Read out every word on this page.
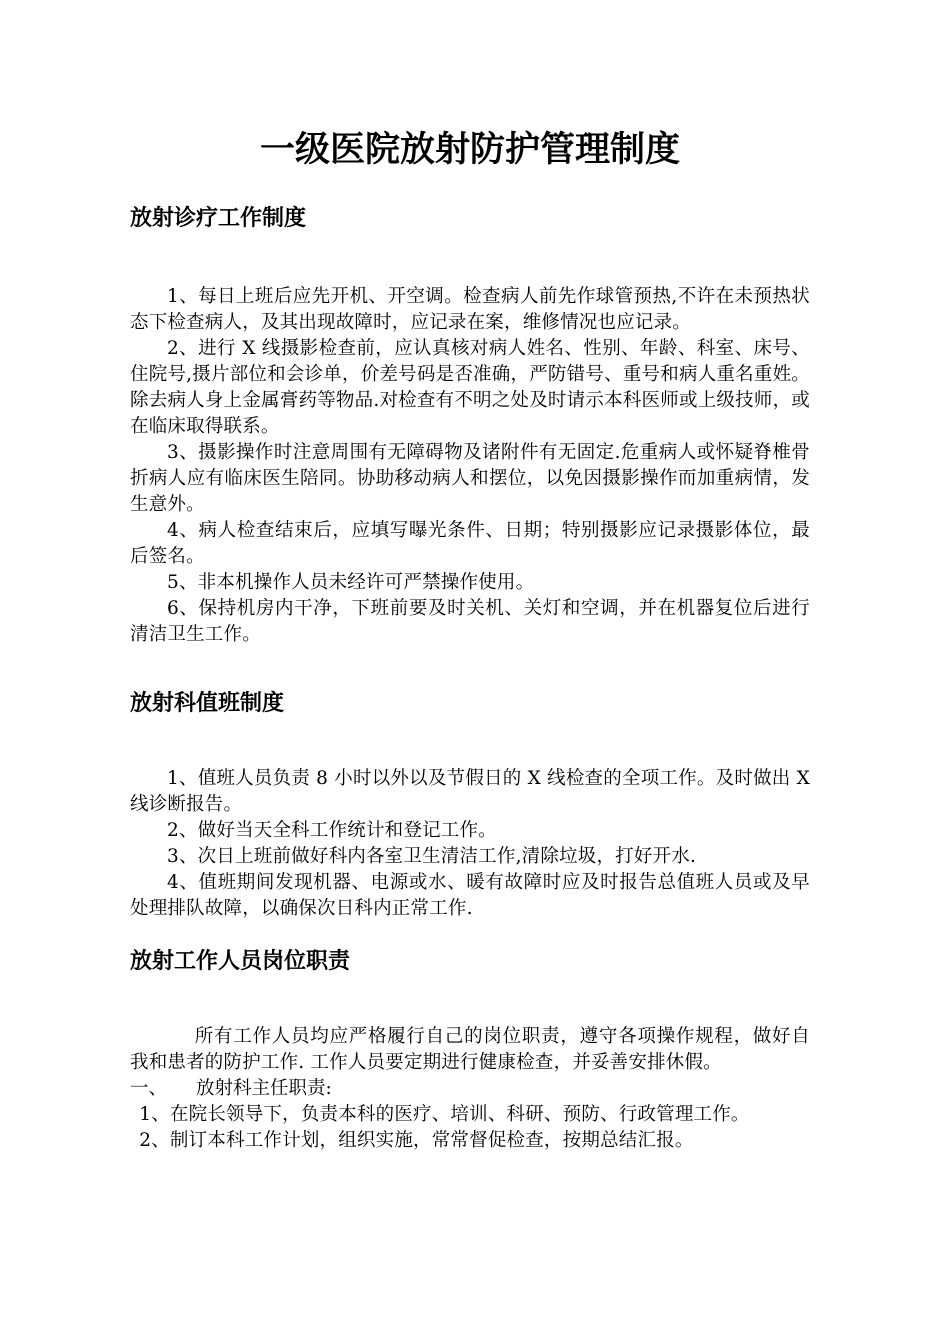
一级医院放射防护管理制度
放射诊疗工作制度

1、每日上班后应先开机、开空调。检查病人前先作球管预热,不许在未预热状态下检查病人，及其出现故障时，应记录在案，维修情况也应记录。

2、进行 X 线摄影检查前，应认真核对病人姓名、性别、年龄、科室、床号、住院号,摄片部位和会诊单，价差号码是否准确，严防错号、重号和病人重名重姓。除去病人身上金属膏药等物品.对检查有不明之处及时请示本科医师或上级技师，或在临床取得联系。

3、摄影操作时注意周围有无障碍物及诸附件有无固定.危重病人或怀疑脊椎骨折病人应有临床医生陪同。协助移动病人和摆位，以免因摄影操作而加重病情，发生意外。

4、病人检查结束后，应填写曝光条件、日期；特别摄影应记录摄影体位，最后签名。

5、非本机操作人员未经许可严禁操作使用。

6、保持机房内干净，下班前要及时关机、关灯和空调，并在机器复位后进行清洁卫生工作。

放射科值班制度

1、值班人员负责 8 小时以外以及节假日的 X 线检查的全项工作。及时做出 X 线诊断报告。

2、做好当天全科工作统计和登记工作。

3、次日上班前做好科内各室卫生清洁工作,清除垃圾，打好开水.

4、值班期间发现机器、电源或水、暖有故障时应及时报告总值班人员或及早处理排队故障，以确保次日科内正常工作.

放射工作人员岗位职责

所有工作人员均应严格履行自己的岗位职责，遵守各项操作规程，做好自我和患者的防护工作. 工作人员要定期进行健康检查，并妥善安排休假。

一、 放射科主任职责:

1、在院长领导下，负责本科的医疗、培训、科研、预防、行政管理工作。

2、制订本科工作计划，组织实施，常常督促检查，按期总结汇报。
